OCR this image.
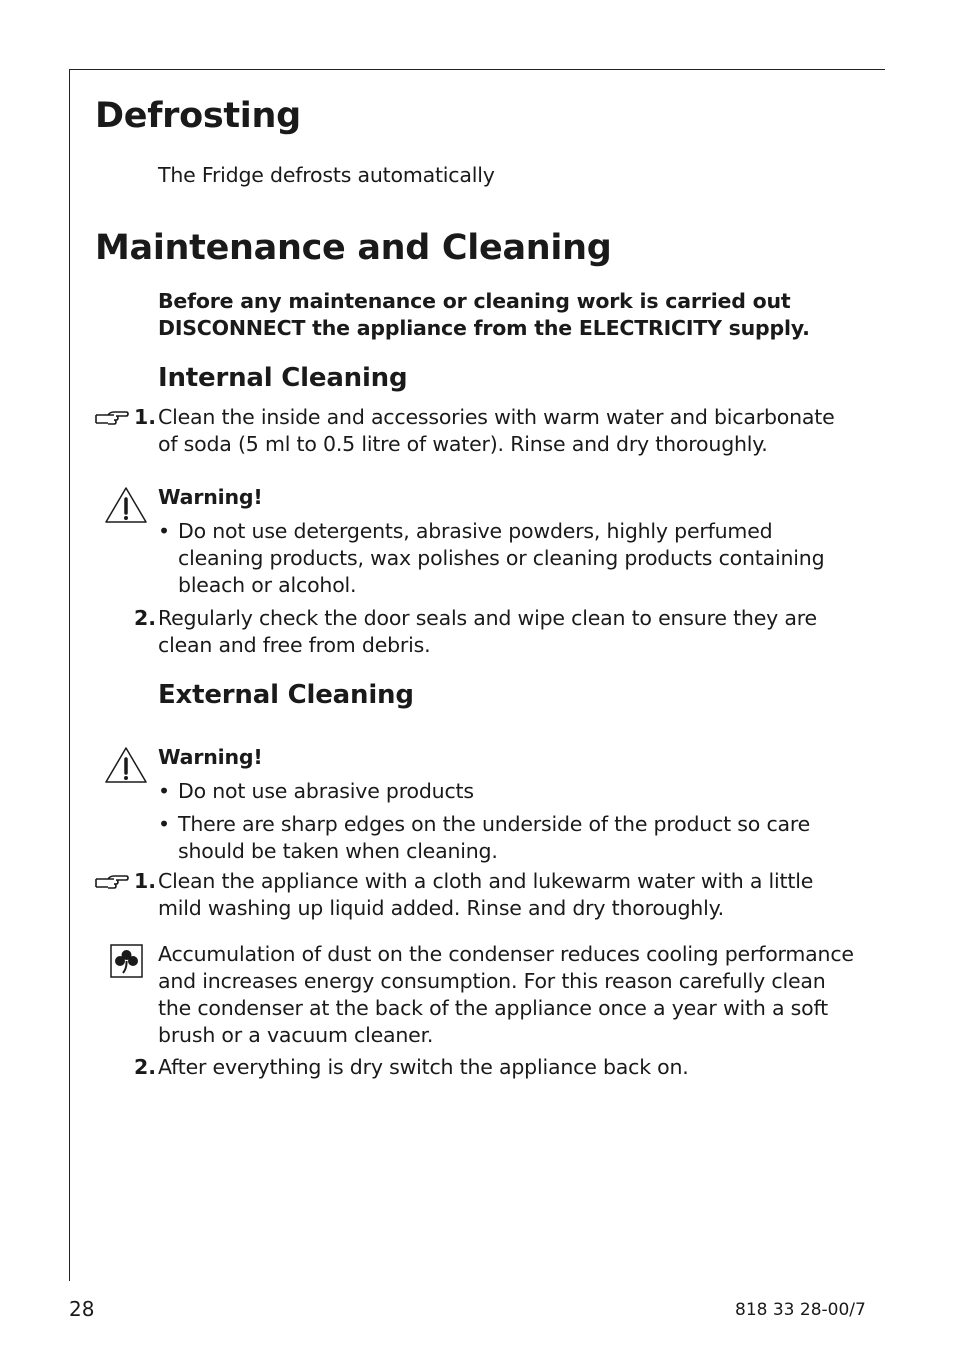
Defrosting

The Fridge defrosts automatically

Maintenance and Cleaning

Before any maintenance or cleaning work is carried out DISCONNECT the appliance from the ELECTRICITY supply.

Internal Cleaning
1. Clean the inside and accessories with warm water and bicarbonate of soda (5 ml to 0.5 litre of water). Rinse and dry thoroughly.

Warning!

• Do not use detergents, abrasive powders, highly perfumed cleaning products, wax polishes or cleaning products containing bleach or alcohol.
2. Regularly check the door seals and wipe clean to ensure they are clean and free from debris.

External Cleaning

Warning!

• Do not use abrasive products
• There are sharp edges on the underside of the product so care should be taken when cleaning.
1. Clean the appliance with a cloth and lukewarm water with a little mild washing up liquid added. Rinse and dry thoroughly.

Accumulation of dust on the condenser reduces cooling performance and increases energy consumption. For this reason carefully clean the condenser at the back of the appliance once a year with a soft brush or a vacuum cleaner.

2. After everything is dry switch the appliance back on.

28	818 33 28-00/7
